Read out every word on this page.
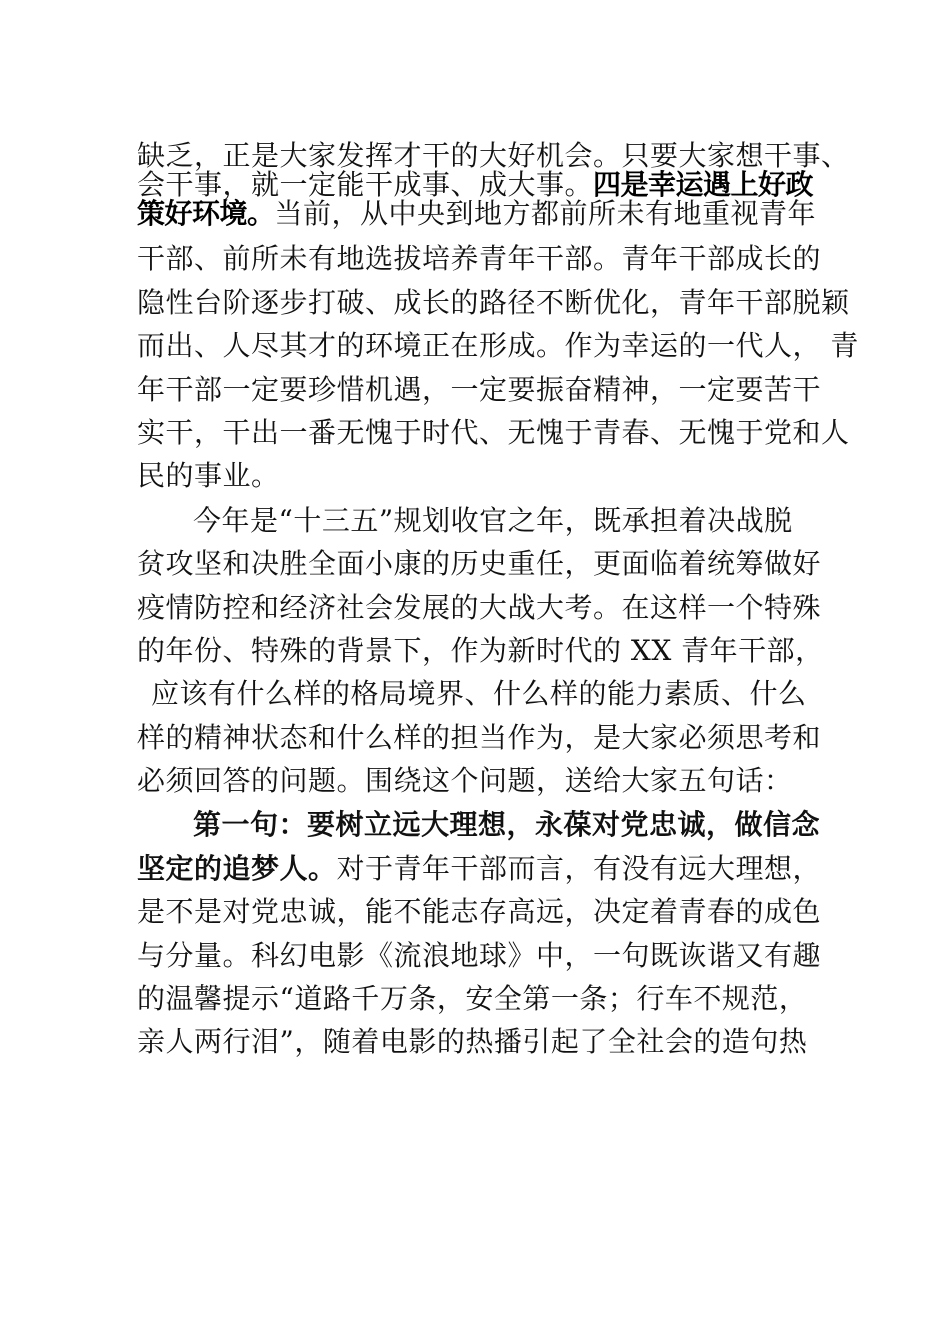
缺乏，正是大家发挥才干的大好机会。只要大家想干事、
会干事，就一定能干成事、成大事。四是幸运遇上好政
策好环境。当前，从中央到地方都前所未有地重视青年
干部、前所未有地选拔培养青年干部。青年干部成长的
隐性台阶逐步打破、成长的路径不断优化，青年干部脱颖
而出、人尽其才的环境正在形成。作为幸运的一代人， 青
年干部一定要珍惜机遇，一定要振奋精神，一定要苦干
实干，干出一番无愧于时代、无愧于青春、无愧于党和人
民的事业。
今年是“十三五”规划收官之年，既承担着决战脱
贫攻坚和决胜全面小康的历史重任，更面临着统筹做好
疫情防控和经济社会发展的大战大考。在这样一个特殊
的年份、特殊的背景下，作为新时代的 XX 青年干部，
应该有什么样的格局境界、什么样的能力素质、什么
样的精神状态和什么样的担当作为，是大家必须思考和
必须回答的问题。围绕这个问题，送给大家五句话：
第一句：要树立远大理想，永葆对党忠诚，做信念
坚定的追梦人。对于青年干部而言，有没有远大理想，
是不是对党忠诚，能不能志存高远，决定着青春的成色
与分量。科幻电影《流浪地球》中，一句既诙谐又有趣
的温馨提示“道路千万条，安全第一条；行车不规范，
亲人两行泪”，随着电影的热播引起了全社会的造句热
